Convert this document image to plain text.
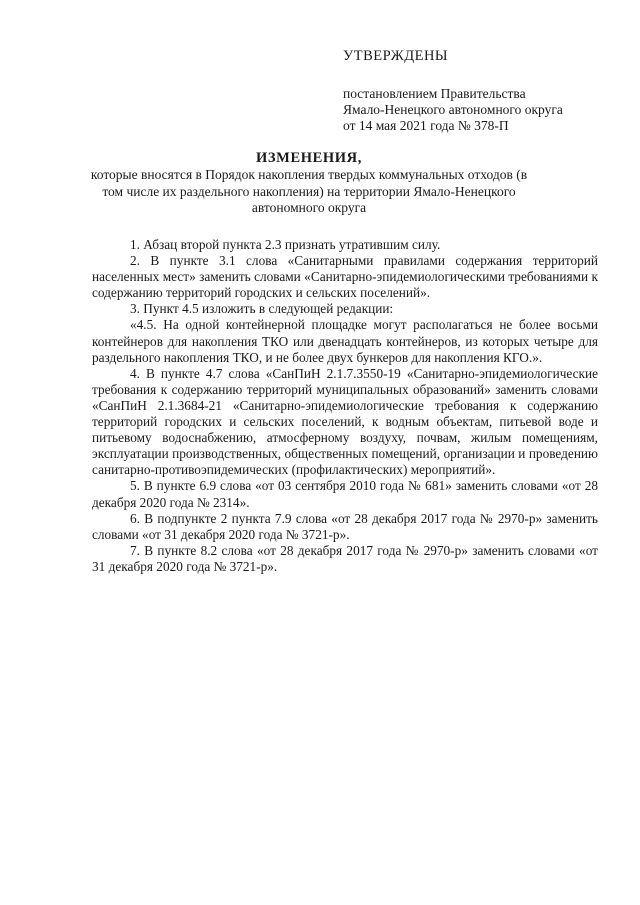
УТВЕРЖДЕНЫ
постановлением Правительства
Ямало-Ненецкого автономного округа
от 14 мая 2021 года № 378-П
ИЗМЕНЕНИЯ,
которые вносятся в Порядок накопления твердых коммунальных отходов (в том числе их раздельного накопления) на территории Ямало-Ненецкого автономного округа

1. Абзац второй пункта 2.3 признать утратившим силу.

2. В пункте 3.1 слова «Санитарными правилами содержания территорий населенных мест» заменить словами «Санитарно-эпидемиологическими требованиями к содержанию территорий городских и сельских поселений».

3. Пункт 4.5 изложить в следующей редакции:

«4.5. На одной контейнерной площадке могут располагаться не более восьми контейнеров для накопления ТКО или двенадцать контейнеров, из которых четыре для раздельного накопления ТКО, и не более двух бункеров для накопления КГО.».

4. В пункте 4.7 слова «СанПиН 2.1.7.3550-19 «Санитарно-эпидемиологические требования к содержанию территорий муниципальных образований» заменить словами «СанПиН 2.1.3684-21 «Санитарно-эпидемиологические требования к содержанию территорий городских и сельских поселений, к водным объектам, питьевой воде и питьевому водоснабжению, атмосферному воздуху, почвам, жилым помещениям, эксплуатации производственных, общественных помещений, организации и проведению санитарно-противоэпидемических (профилактических) мероприятий».

5. В пункте 6.9 слова «от 03 сентября 2010 года № 681» заменить словами «от 28 декабря 2020 года № 2314».

6. В подпункте 2 пункта 7.9 слова «от 28 декабря 2017 года № 2970-р» заменить словами «от 31 декабря 2020 года № 3721-р».

7. В пункте 8.2 слова «от 28 декабря 2017 года № 2970-р» заменить словами «от 31 декабря 2020 года № 3721-р».
